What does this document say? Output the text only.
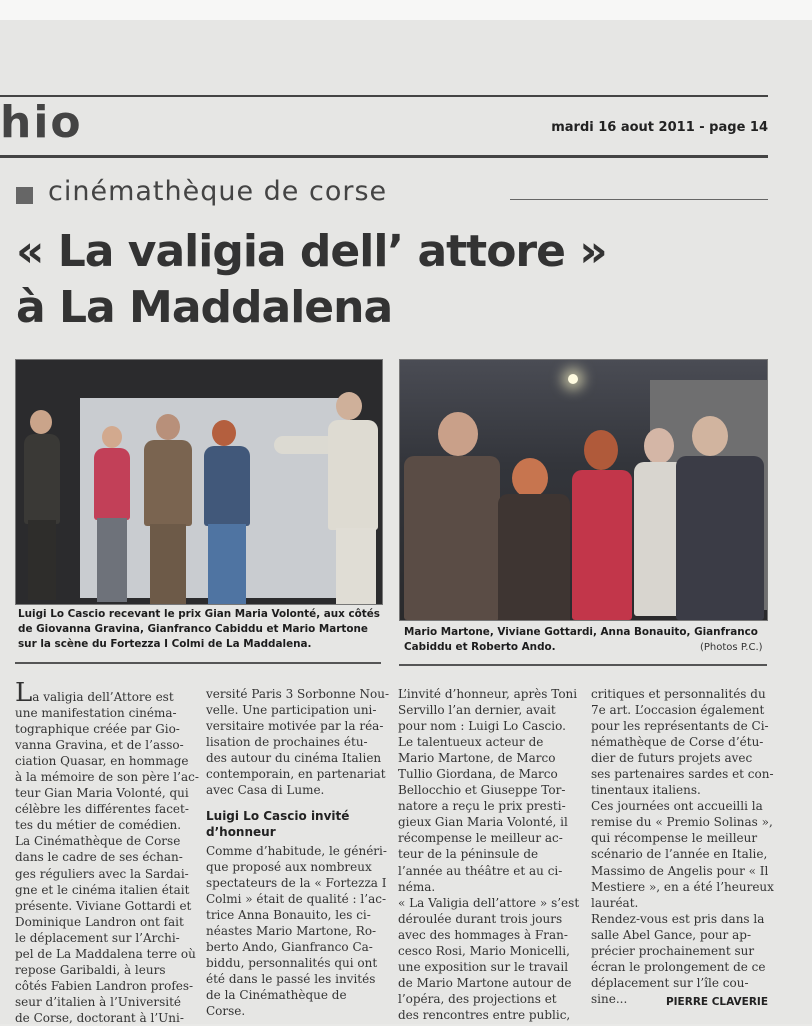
hio	mardi 16 aout 2011 - page 14
cinémathèque de corse
« La valigia dell’ attore »
à La Maddalena
Luigi Lo Cascio recevant le prix Gian Maria Volonté, aux côtés
de Giovanna Gravina, Gianfranco Cabiddu et Mario Martone
sur la scène du Fortezza I Colmi de La Maddalena.
Mario Martone, Viviane Gottardi, Anna Bonauito, Gianfranco
Cabiddu et Roberto Ando.	(Photos P.C.)

La valigia dell’Attore est

une manifestation cinéma-

tographique créée par Gio-

vanna Gravina, et de l’asso-

ciation Quasar, en hommage

à la mémoire de son père l’ac-

teur Gian Maria Volonté, qui

célèbre les différentes facet-

tes du métier de comédien.

La Cinémathèque de Corse

dans le cadre de ses échan-

ges réguliers avec la Sardai-

gne et le cinéma italien était

présente. Viviane Gottardi et

Dominique Landron ont fait

le déplacement sur l’Archi-

pel de La Maddalena terre où

repose Garibaldi, à leurs

côtés Fabien Landron profes-

seur d’italien à l’Université

de Corse, doctorant à l’Uni-

versité Paris 3 Sorbonne Nou-

velle. Une participation uni-

versitaire motivée par la réa-

lisation de prochaines étu-

des autour du cinéma Italien

contemporain, en partenariat

avec Casa di Lume.

Luigi Lo Cascio invité
d’honneur

Comme d’habitude, le généri-

que proposé aux nombreux

spectateurs de la « Fortezza I

Colmi » était de qualité : l’ac-

trice Anna Bonauito, les ci-

néastes Mario Martone, Ro-

berto Ando, Gianfranco Ca-

biddu, personnalités qui ont

été dans le passé les invités

de la Cinémathèque de

Corse.

L’invité d’honneur, après Toni

Servillo l’an dernier, avait

pour nom : Luigi Lo Cascio.

Le talentueux acteur de

Mario Martone, de Marco

Tullio Giordana, de Marco

Bellocchio et Giuseppe Tor-

natore a reçu le prix presti-

gieux Gian Maria Volonté, il

récompense le meilleur ac-

teur de la péninsule de

l’année au théâtre et au ci-

néma.

« La Valigia dell’attore » s’est

déroulée durant trois jours

avec des hommages à Fran-

cesco Rosi, Mario Monicelli,

une exposition sur le travail

de Mario Martone autour de

l’opéra, des projections et

des rencontres entre public,

critiques et personnalités du

7e art. L’occasion également

pour les représentants de Ci-

némathèque de Corse d’étu-

dier de futurs projets avec

ses partenaires sardes et con-

tinentaux italiens.

Ces journées ont accueilli la

remise du « Premio Solinas »,

qui récompense le meilleur

scénario de l’année en Italie,

Massimo de Angelis pour « Il

Mestiere », en a été l’heureux

lauréat.

Rendez-vous est pris dans la

salle Abel Gance, pour ap-

précier prochainement sur

écran le prolongement de ce

déplacement sur l’île cou-

sine...	PIERRE CLAVERIE
